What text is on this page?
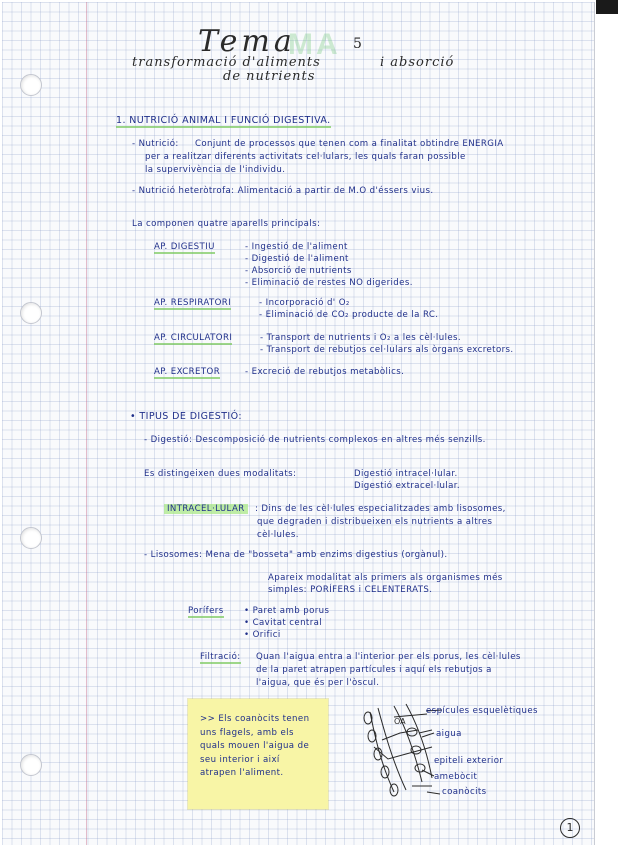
MA
Tema	5
transformació d'aliments	i absorció
de nutrients
1. NUTRICIÓ ANIMAL I FUNCIÓ DIGESTIVA.
- Nutrició: Conjunt de processos que tenen com a finalitat obtindre ENERGIA
per a realitzar diferents activitats cel·lulars, les quals faran possible
la supervivència de l'individu.
- Nutrició heteròtrofa: Alimentació a partir de M.O d'éssers vius.
La componen quatre aparells principals:
AP. DIGESTIU	- Ingestió de l'aliment
- Digestió de l'aliment
- Absorció de nutrients
- Eliminació de restes NO digerides.
AP. RESPIRATORI	- Incorporació d' O₂
- Eliminació de CO₂ producte de la RC.
AP. CIRCULATORI	- Transport de nutrients i O₂ a les cèl·lules.
- Transport de rebutjos cel·lulars als òrgans excretors.
AP. EXCRETOR	- Excreció de rebutjos metabòlics.
• TIPUS DE DIGESTIÓ:
- Digestió: Descomposició de nutrients complexos en altres més senzills.
Es distingeixen dues modalitats:	Digestió intracel·lular.
Digestió extracel·lular.
INTRACEL·LULAR	: Dins de les cèl·lules especialitzades amb lisosomes,
que degraden i distribueixen els nutrients a altres
cèl·lules.
- Lisosomes: Mena de "bosseta" amb enzims digestius (orgànul).
Apareix modalitat als primers als organismes més
simples: PORÍFERS i CELENTERATS.
Porífers • Paret amb porus
• Cavitat central
• Orifici
Filtració: Quan l'aigua entra a l'interior per els porus, les cèl·lules
de la paret atrapen partícules i aquí els rebutjos a
l'aigua, que és per l'òscul.
>> Els coanòcits tenen uns flagels, amb els quals mouen l'aigua de seu interior i així atrapen l'aliment.
OA
espícules esquelètiques
aigua
epiteli exterior
amebòcit
coanòcits
1
